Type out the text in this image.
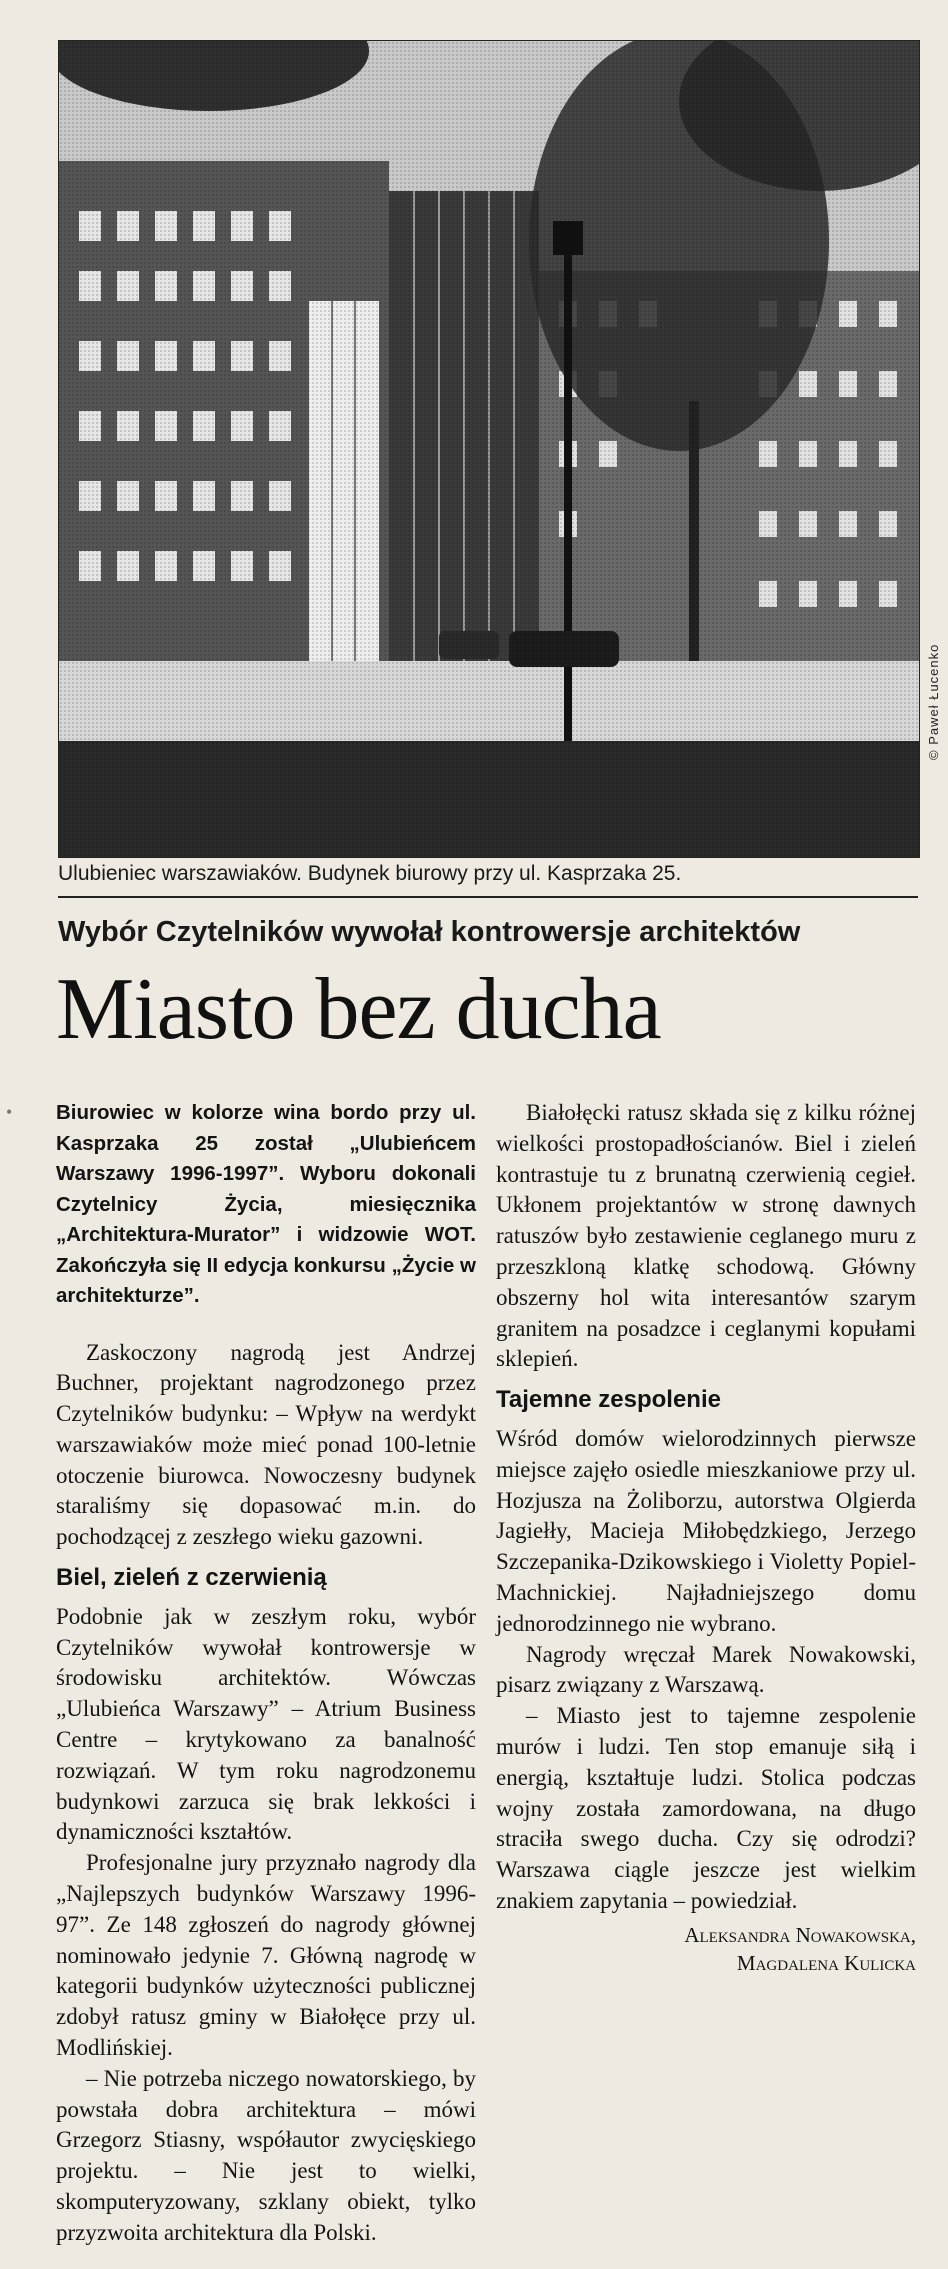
© Paweł Łucenko
Ulubieniec warszawiaków. Budynek biurowy przy ul. Kasprzaka 25.
Wybór Czytelników wywołał kontrowersje architektów
Miasto bez ducha
• Biurowiec w kolorze wina bordo przy ul. Kasprzaka 25 został „Ulubieńcem Warszawy 1996-1997”. Wyboru dokonali Czytelnicy Życia, miesięcznika „Architektura-Murator” i widzowie WOT. Zakończyła się II edycja konkursu „Życie w architekturze”.

Zaskoczony nagrodą jest Andrzej Buchner, projektant nagrodzonego przez Czytelników budynku: – Wpływ na werdykt warszawiaków może mieć ponad 100-letnie otoczenie biurowca. Nowoczesny budynek staraliśmy się dopasować m.in. do pochodzącej z zeszłego wieku gazowni.

Biel, zieleń z czerwienią

Podobnie jak w zeszłym roku, wybór Czytelników wywołał kontrowersje w środowisku architektów. Wówczas „Ulubieńca Warszawy” – Atrium Business Centre – krytykowano za banalność rozwiązań. W tym roku nagrodzonemu budynkowi zarzuca się brak lekkości i dynamiczności kształtów.

Profesjonalne jury przyznało nagrody dla „Najlepszych budynków Warszawy 1996-97”. Ze 148 zgłoszeń do nagrody głównej nominowało jedynie 7. Główną nagrodę w kategorii budynków użyteczności publicznej zdobył ratusz gminy w Białołęce przy ul. Modlińskiej.

– Nie potrzeba niczego nowatorskiego, by powstała dobra architektura – mówi Grzegorz Stiasny, współautor zwycięskiego projektu. – Nie jest to wielki, skomputeryzowany, szklany obiekt, tylko przyzwoita architektura dla Polski.

Białołęcki ratusz składa się z kilku różnej wielkości prostopadłościanów. Biel i zieleń kontrastuje tu z brunatną czerwienią cegieł. Ukłonem projektantów w stronę dawnych ratuszów było zestawienie ceglanego muru z przeszkloną klatkę schodową. Główny obszerny hol wita interesantów szarym granitem na posadzce i ceglanymi kopułami sklepień.

Tajemne zespolenie

Wśród domów wielorodzinnych pierwsze miejsce zajęło osiedle mieszkaniowe przy ul. Hozjusza na Żoliborzu, autorstwa Olgierda Jagiełły, Macieja Miłobędzkiego, Jerzego Szczepanika-Dzikowskiego i Violetty Popiel-Machnickiej. Najładniejszego domu jednorodzinnego nie wybrano.

Nagrody wręczał Marek Nowakowski, pisarz związany z Warszawą.

– Miasto jest to tajemne zespolenie murów i ludzi. Ten stop emanuje siłą i energią, kształtuje ludzi. Stolica podczas wojny została zamordowana, na długo straciła swego ducha. Czy się odrodzi? Warszawa ciągle jeszcze jest wielkim znakiem zapytania – powiedział.

Aleksandra Nowakowska,
Magdalena Kulicka
